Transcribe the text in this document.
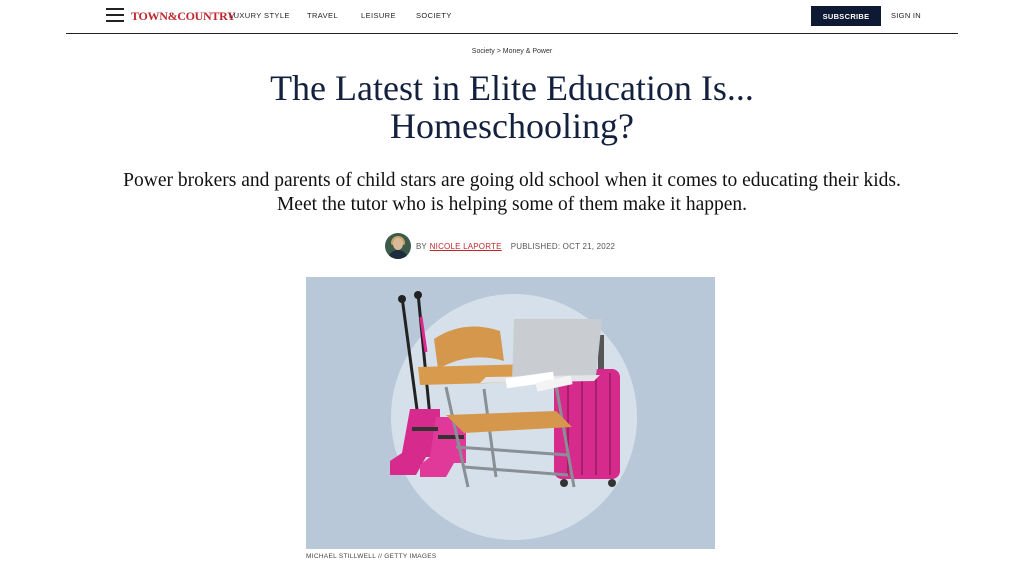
TOWN&COUNTRY
LUXURY STYLE TRAVEL	LEISURE	SOCIETY	SUBSCRIBE	SIGN IN
Society > Money & Power
The Latest in Elite Education Is...
Homeschooling?

Power brokers and parents of child stars are going old school when it comes to educating their kids. Meet the tutor who is helping some of them make it happen.

BY NICOLE LAPORTE PUBLISHED: OCT 21, 2022
MICHAEL STILLWELL // GETTY IMAGES
